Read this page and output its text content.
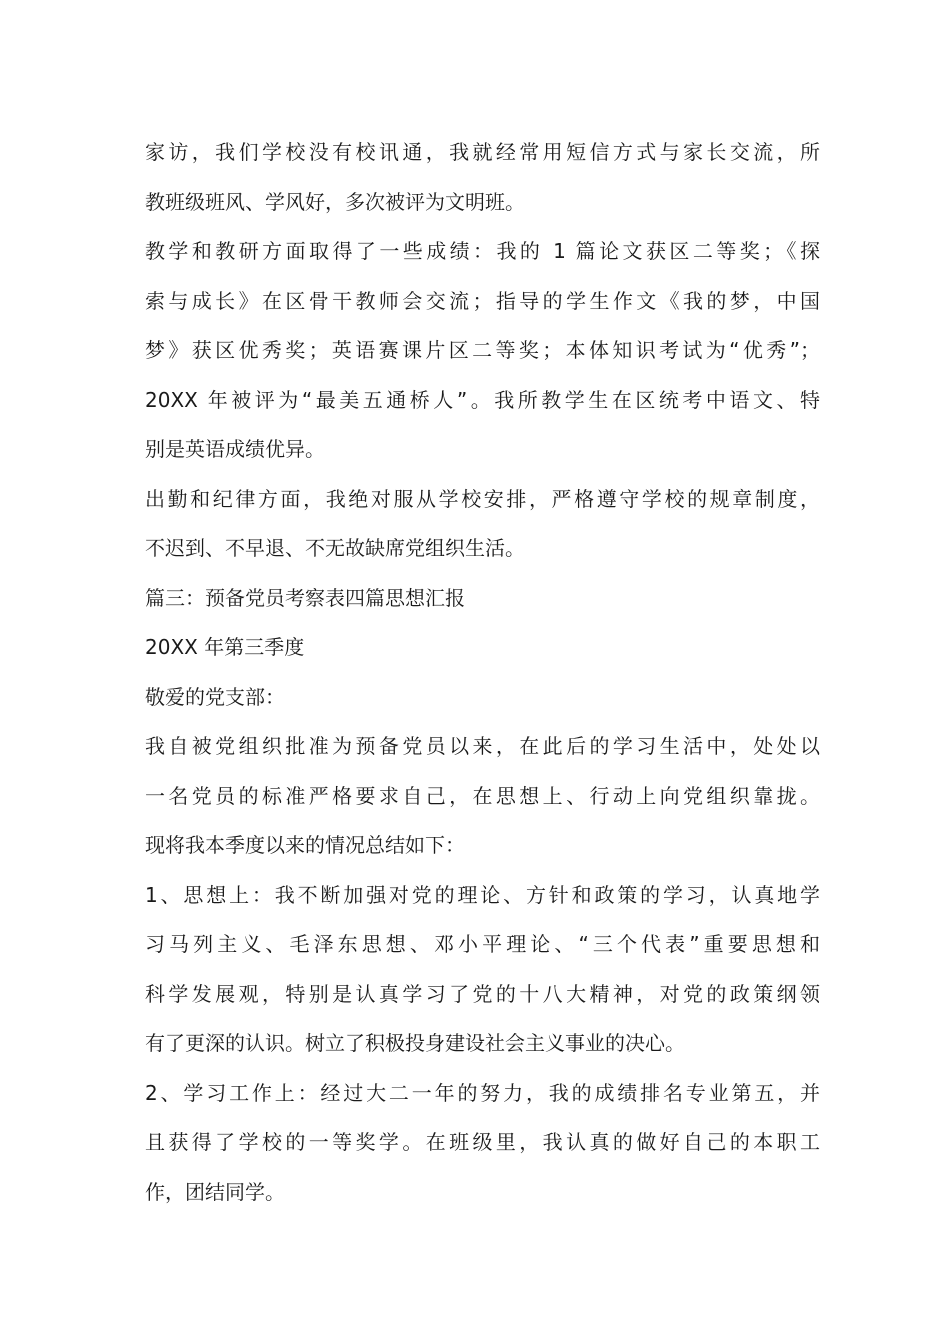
家访，我们学校没有校讯通，我就经常用短信方式与家长交流，所
教班级班风、学风好，多次被评为文明班。
教学和教研方面取得了一些成绩：我的 1 篇论文获区二等奖；《探
索与成长》在区骨干教师会交流；指导的学生作文《我的梦，中国
梦》获区优秀奖；英语赛课片区二等奖；本体知识考试为“优秀”；
20XX 年被评为“最美五通桥人”。我所教学生在区统考中语文、特
别是英语成绩优异。
出勤和纪律方面，我绝对服从学校安排，严格遵守学校的规章制度，
不迟到、不早退、不无故缺席党组织生活。
篇三：预备党员考察表四篇思想汇报
20XX 年第三季度
敬爱的党支部：
我自被党组织批准为预备党员以来，在此后的学习生活中，处处以
一名党员的标准严格要求自己，在思想上、行动上向党组织靠拢。
现将我本季度以来的情况总结如下：
1、思想上：我不断加强对党的理论、方针和政策的学习，认真地学
习马列主义、毛泽东思想、邓小平理论、“三个代表”重要思想和
科学发展观，特别是认真学习了党的十八大精神，对党的政策纲领
有了更深的认识。树立了积极投身建设社会主义事业的决心。
2、学习工作上：经过大二一年的努力，我的成绩排名专业第五，并
且获得了学校的一等奖学。在班级里，我认真的做好自己的本职工
作，团结同学。
